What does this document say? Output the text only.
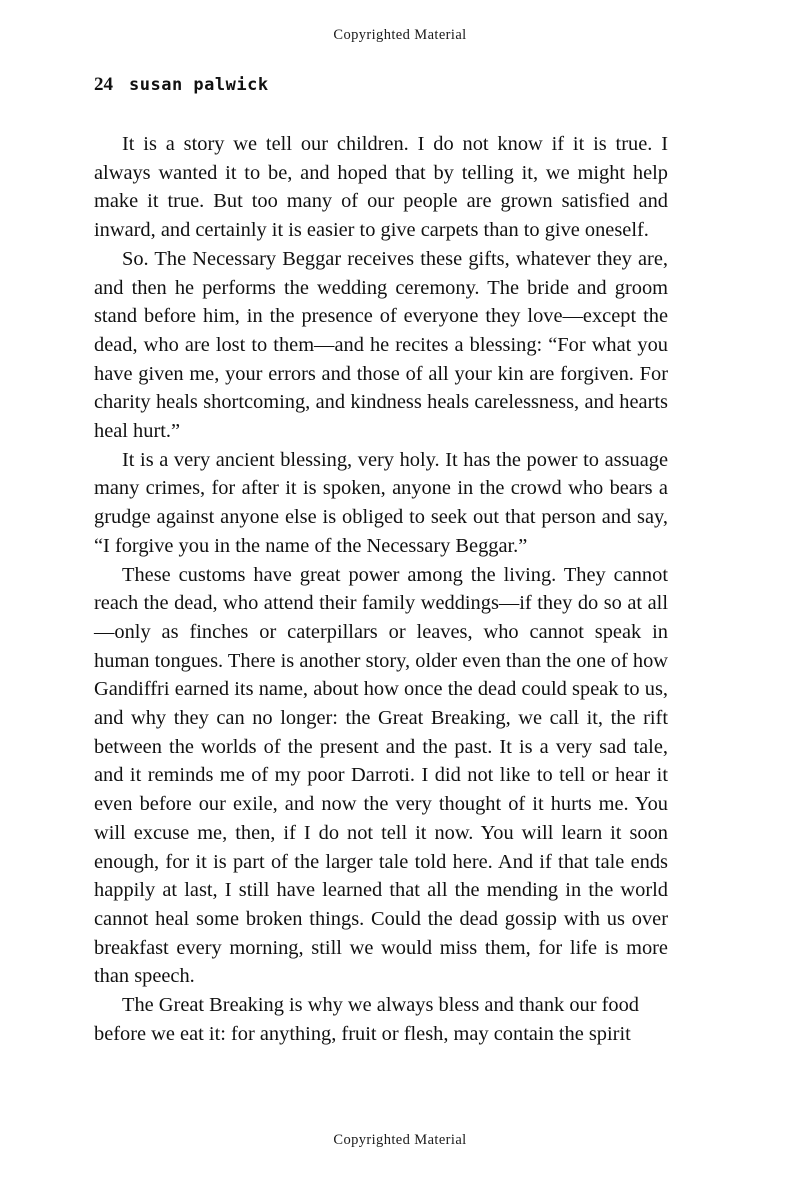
Copyrighted Material
24 susan palwick

It is a story we tell our children. I do not know if it is true. I always wanted it to be, and hoped that by telling it, we might help make it true. But too many of our people are grown satisfied and inward, and certainly it is easier to give carpets than to give oneself.

So. The Necessary Beggar receives these gifts, whatever they are, and then he performs the wedding ceremony. The bride and groom stand before him, in the presence of everyone they love—except the dead, who are lost to them—and he recites a blessing: “For what you have given me, your errors and those of all your kin are forgiven. For charity heals shortcoming, and kindness heals carelessness, and hearts heal hurt.”

It is a very ancient blessing, very holy. It has the power to assuage many crimes, for after it is spoken, anyone in the crowd who bears a grudge against anyone else is obliged to seek out that person and say, “I forgive you in the name of the Necessary Beggar.”

These customs have great power among the living. They cannot reach the dead, who attend their family weddings—if they do so at all—only as finches or caterpillars or leaves, who cannot speak in human tongues. There is another story, older even than the one of how Gandiffri earned its name, about how once the dead could speak to us, and why they can no longer: the Great Breaking, we call it, the rift between the worlds of the present and the past. It is a very sad tale, and it reminds me of my poor Darroti. I did not like to tell or hear it even before our exile, and now the very thought of it hurts me. You will excuse me, then, if I do not tell it now. You will learn it soon enough, for it is part of the larger tale told here. And if that tale ends happily at last, I still have learned that all the mending in the world cannot heal some broken things. Could the dead gossip with us over breakfast every morning, still we would miss them, for life is more than speech.

The Great Breaking is why we always bless and thank our food before we eat it: for anything, fruit or flesh, may contain the spirit

Copyrighted Material
